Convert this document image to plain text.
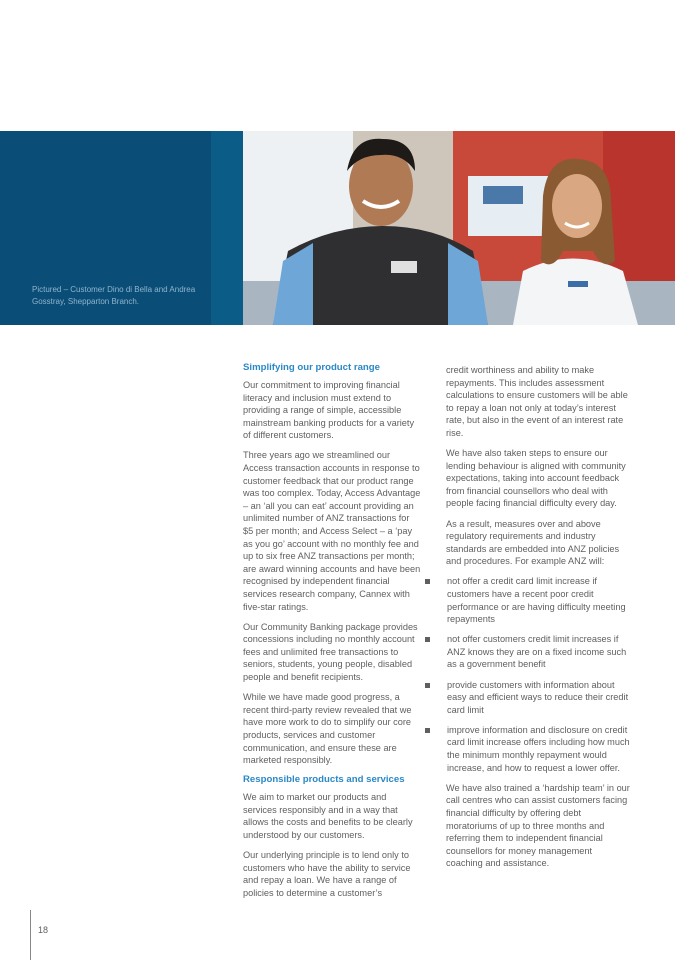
Pictured – Customer Dino di Bella and Andrea Gosstray, Shepparton Branch.
Simplifying our product range

Our commitment to improving financial literacy and inclusion must extend to providing a range of simple, accessible mainstream banking products for a variety of different customers.

Three years ago we streamlined our Access transaction accounts in response to customer feedback that our product range was too complex. Today, Access Advantage – an ‘all you can eat’ account providing an unlimited number of ANZ transactions for $5 per month; and Access Select – a ‘pay as you go’ account with no monthly fee and up to six free ANZ transactions per month; are award winning accounts and have been recognised by independent financial services research company, Cannex with five-star ratings.

Our Community Banking package provides concessions including no monthly account fees and unlimited free transactions to seniors, students, young people, disabled people and benefit recipients.

While we have made good progress, a recent third-party review revealed that we have more work to do to simplify our core products, services and customer communication, and ensure these are marketed responsibly.

Responsible products and services

We aim to market our products and services responsibly and in a way that allows the costs and benefits to be clearly understood by our customers.

Our underlying principle is to lend only to customers who have the ability to service and repay a loan. We have a range of policies to determine a customer’s

credit worthiness and ability to make repayments. This includes assessment calculations to ensure customers will be able to repay a loan not only at today’s interest rate, but also in the event of an interest rate rise.

We have also taken steps to ensure our lending behaviour is aligned with community expectations, taking into account feedback from financial counsellors who deal with people facing financial difficulty every day.

As a result, measures over and above regulatory requirements and industry standards are embedded into ANZ policies and procedures. For example ANZ will:

not offer a credit card limit increase if customers have a recent poor credit performance or are having difficulty meeting repayments
not offer customers credit limit increases if ANZ knows they are on a fixed income such as a government benefit
provide customers with information about easy and efficient ways to reduce their credit card limit
improve information and disclosure on credit card limit increase offers including how much the minimum monthly repayment would increase, and how to request a lower offer.

We have also trained a ‘hardship team’ in our call centres who can assist customers facing financial difficulty by offering debt moratoriums of up to three months and referring them to independent financial counsellors for money management coaching and assistance.

18
